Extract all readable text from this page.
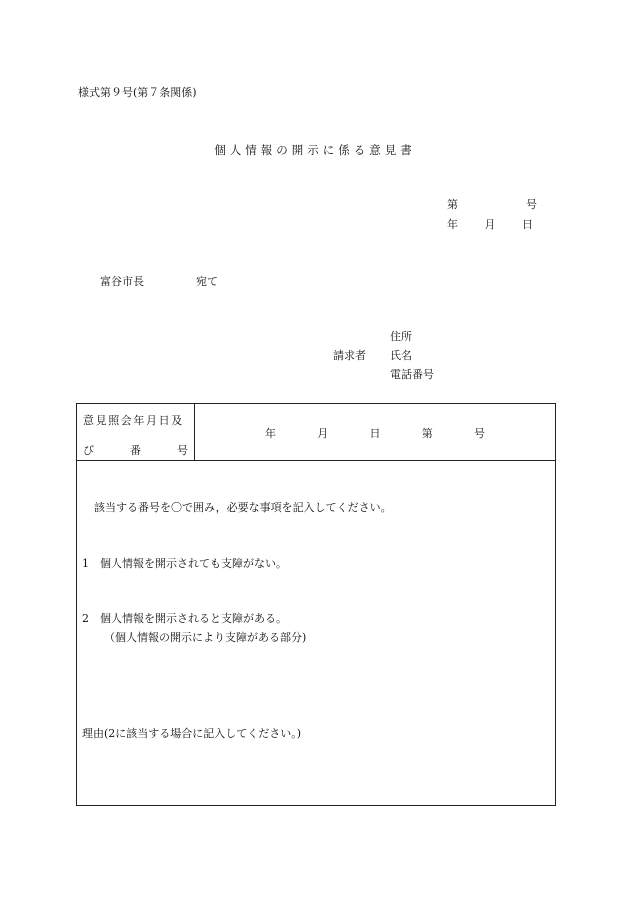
様式第９号(第７条関係)
個人情報の開示に係る意見書
第	号
年 月 日
富谷市長	宛て
請求者
住所
氏名
電話番号
意見照会年月日及
び	番	号
年	月	日	第	号
該当する番号を〇で囲み，必要な事項を記入してください。
1　個人情報を開示されても支障がない。
2　個人情報を開示されると支障がある。
（個人情報の開示により支障がある部分)
理由(2に該当する場合に記入してください。)
